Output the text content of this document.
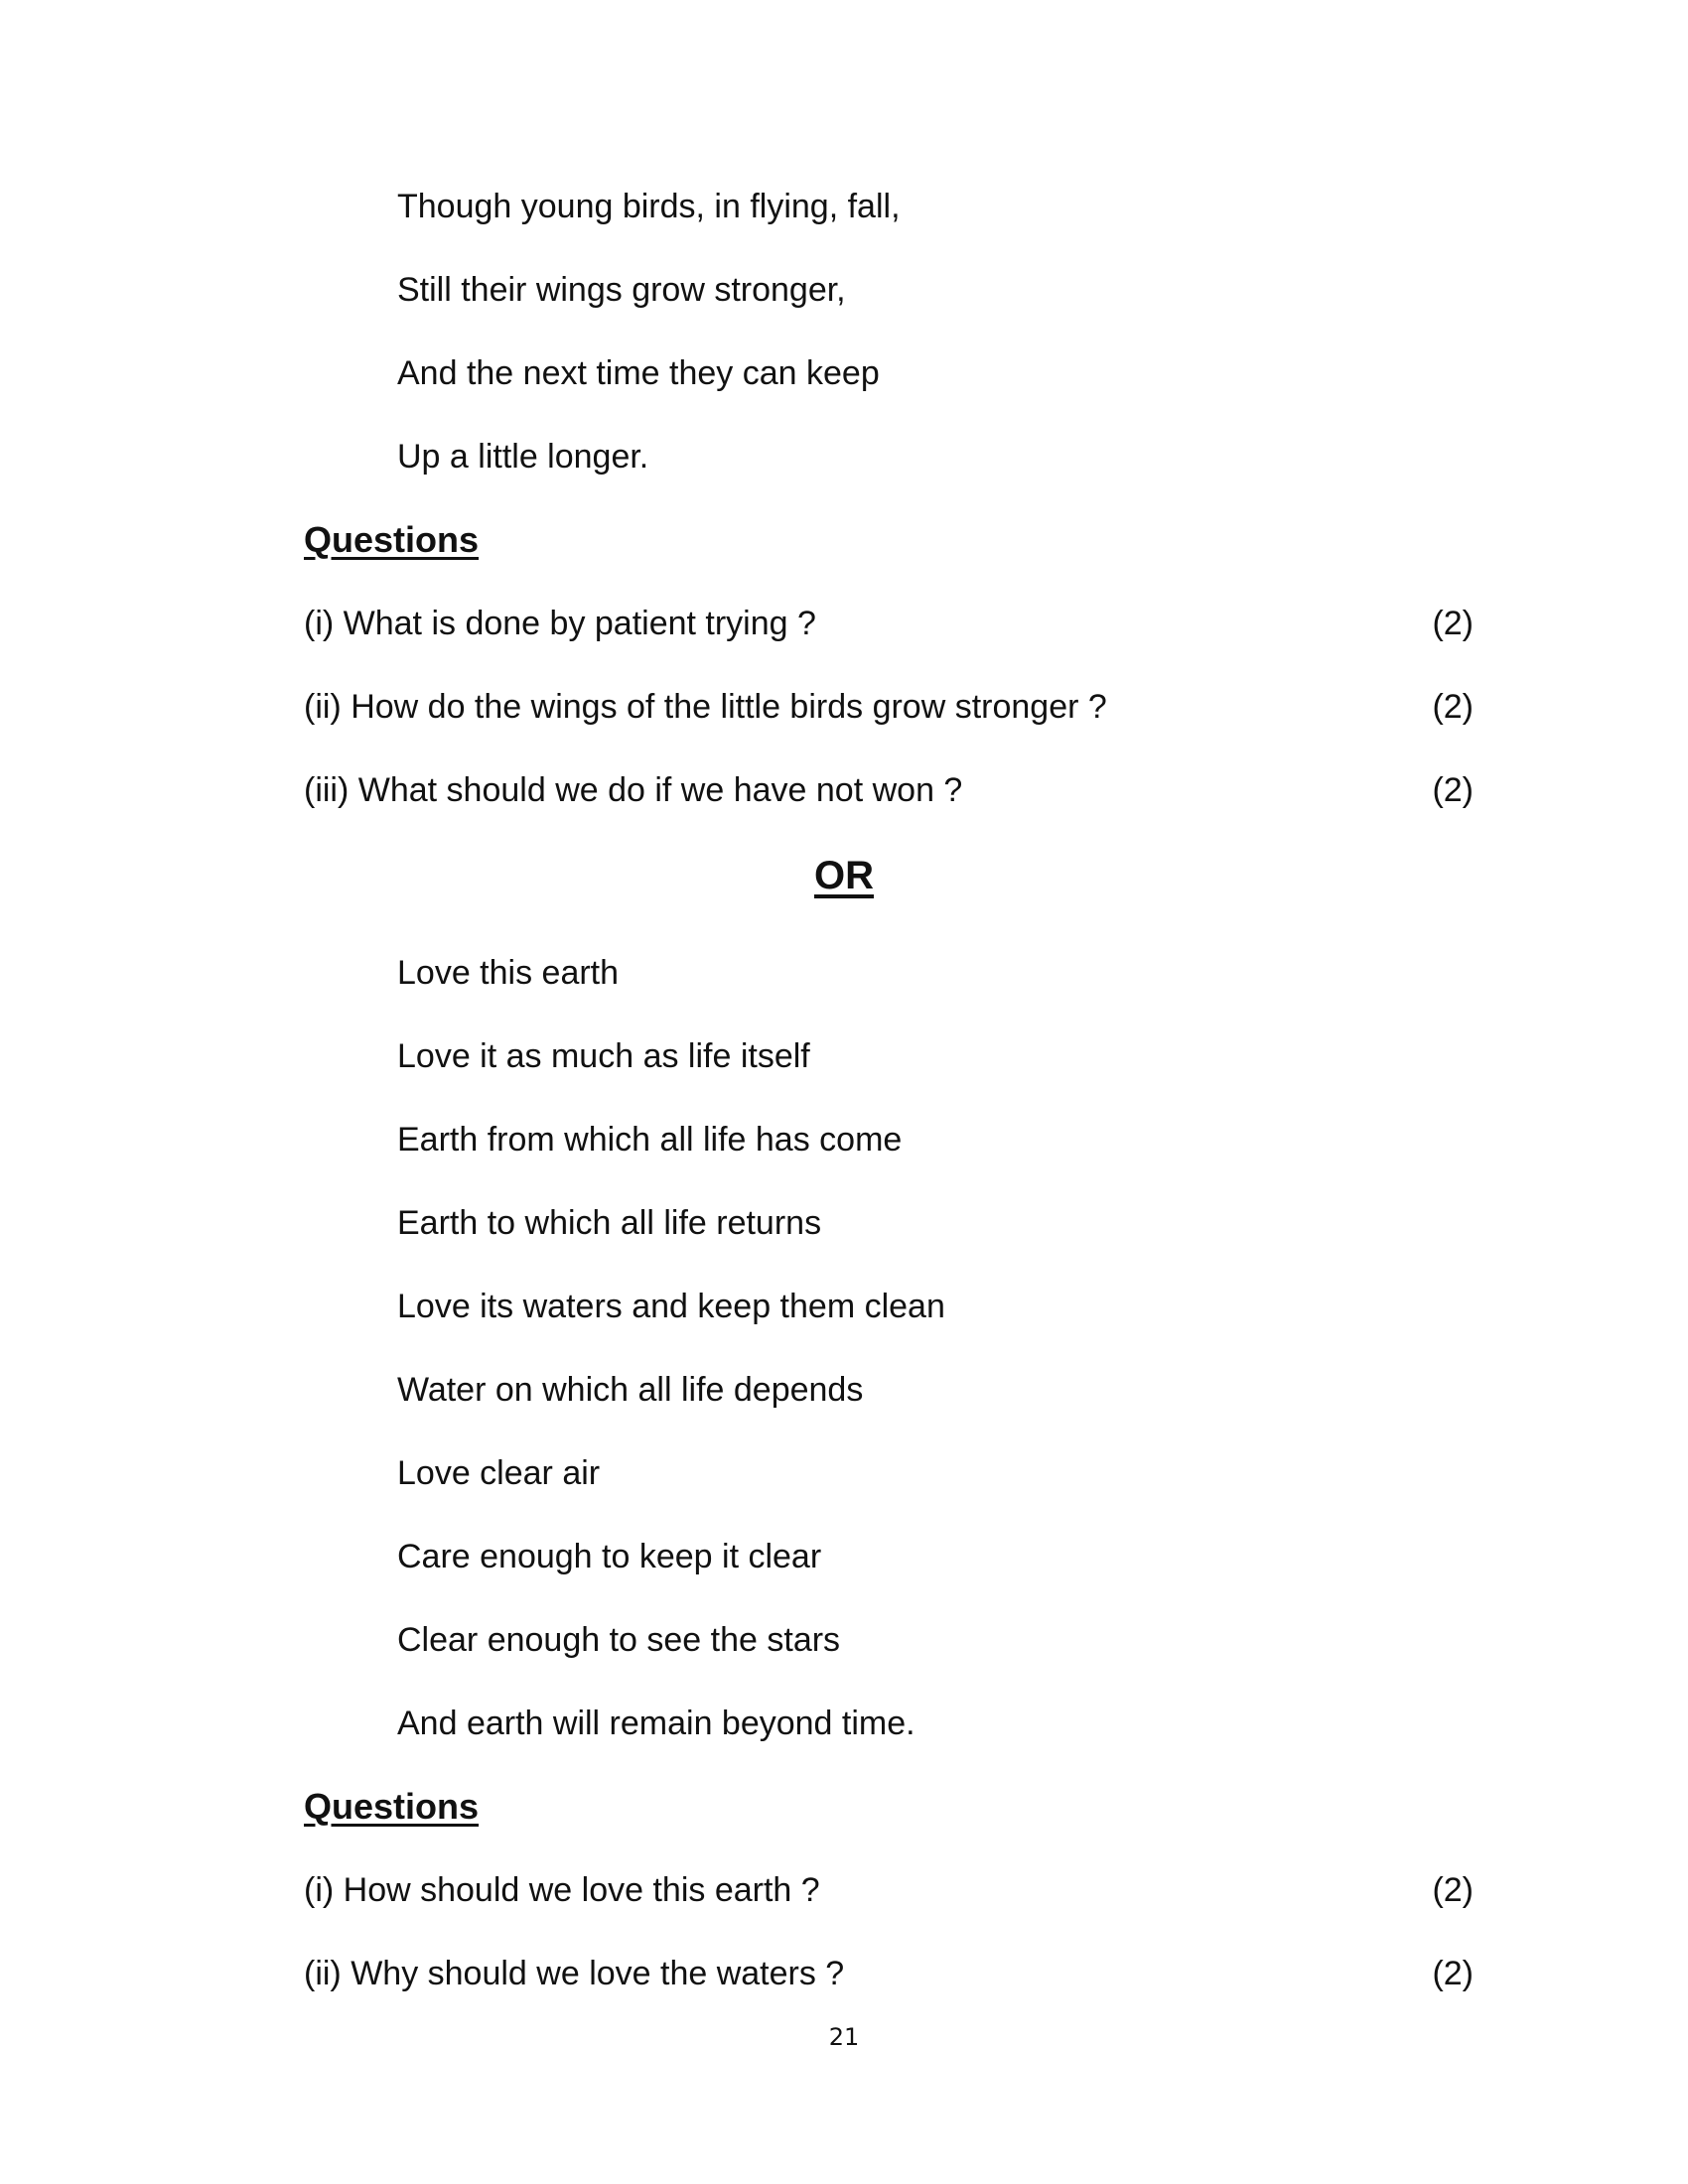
Though young birds, in flying, fall,
Still their wings grow stronger,
And the next time they can keep
Up a little longer.
Questions
(i) What is done by patient trying ?	(2)
(ii) How do the wings of the little birds grow stronger ?	(2)
(iii) What should we do if we have not won ?	(2)
OR
Love this earth
Love it as much as life itself
Earth from which all life has come
Earth to which all life returns
Love its waters and keep them clean
Water on which all life depends
Love clear air
Care enough to keep it clear
Clear enough to see the stars
And earth will remain beyond time.
Questions
(i) How should we love this earth ?	(2)
(ii) Why should we love the waters ?	(2)
21
